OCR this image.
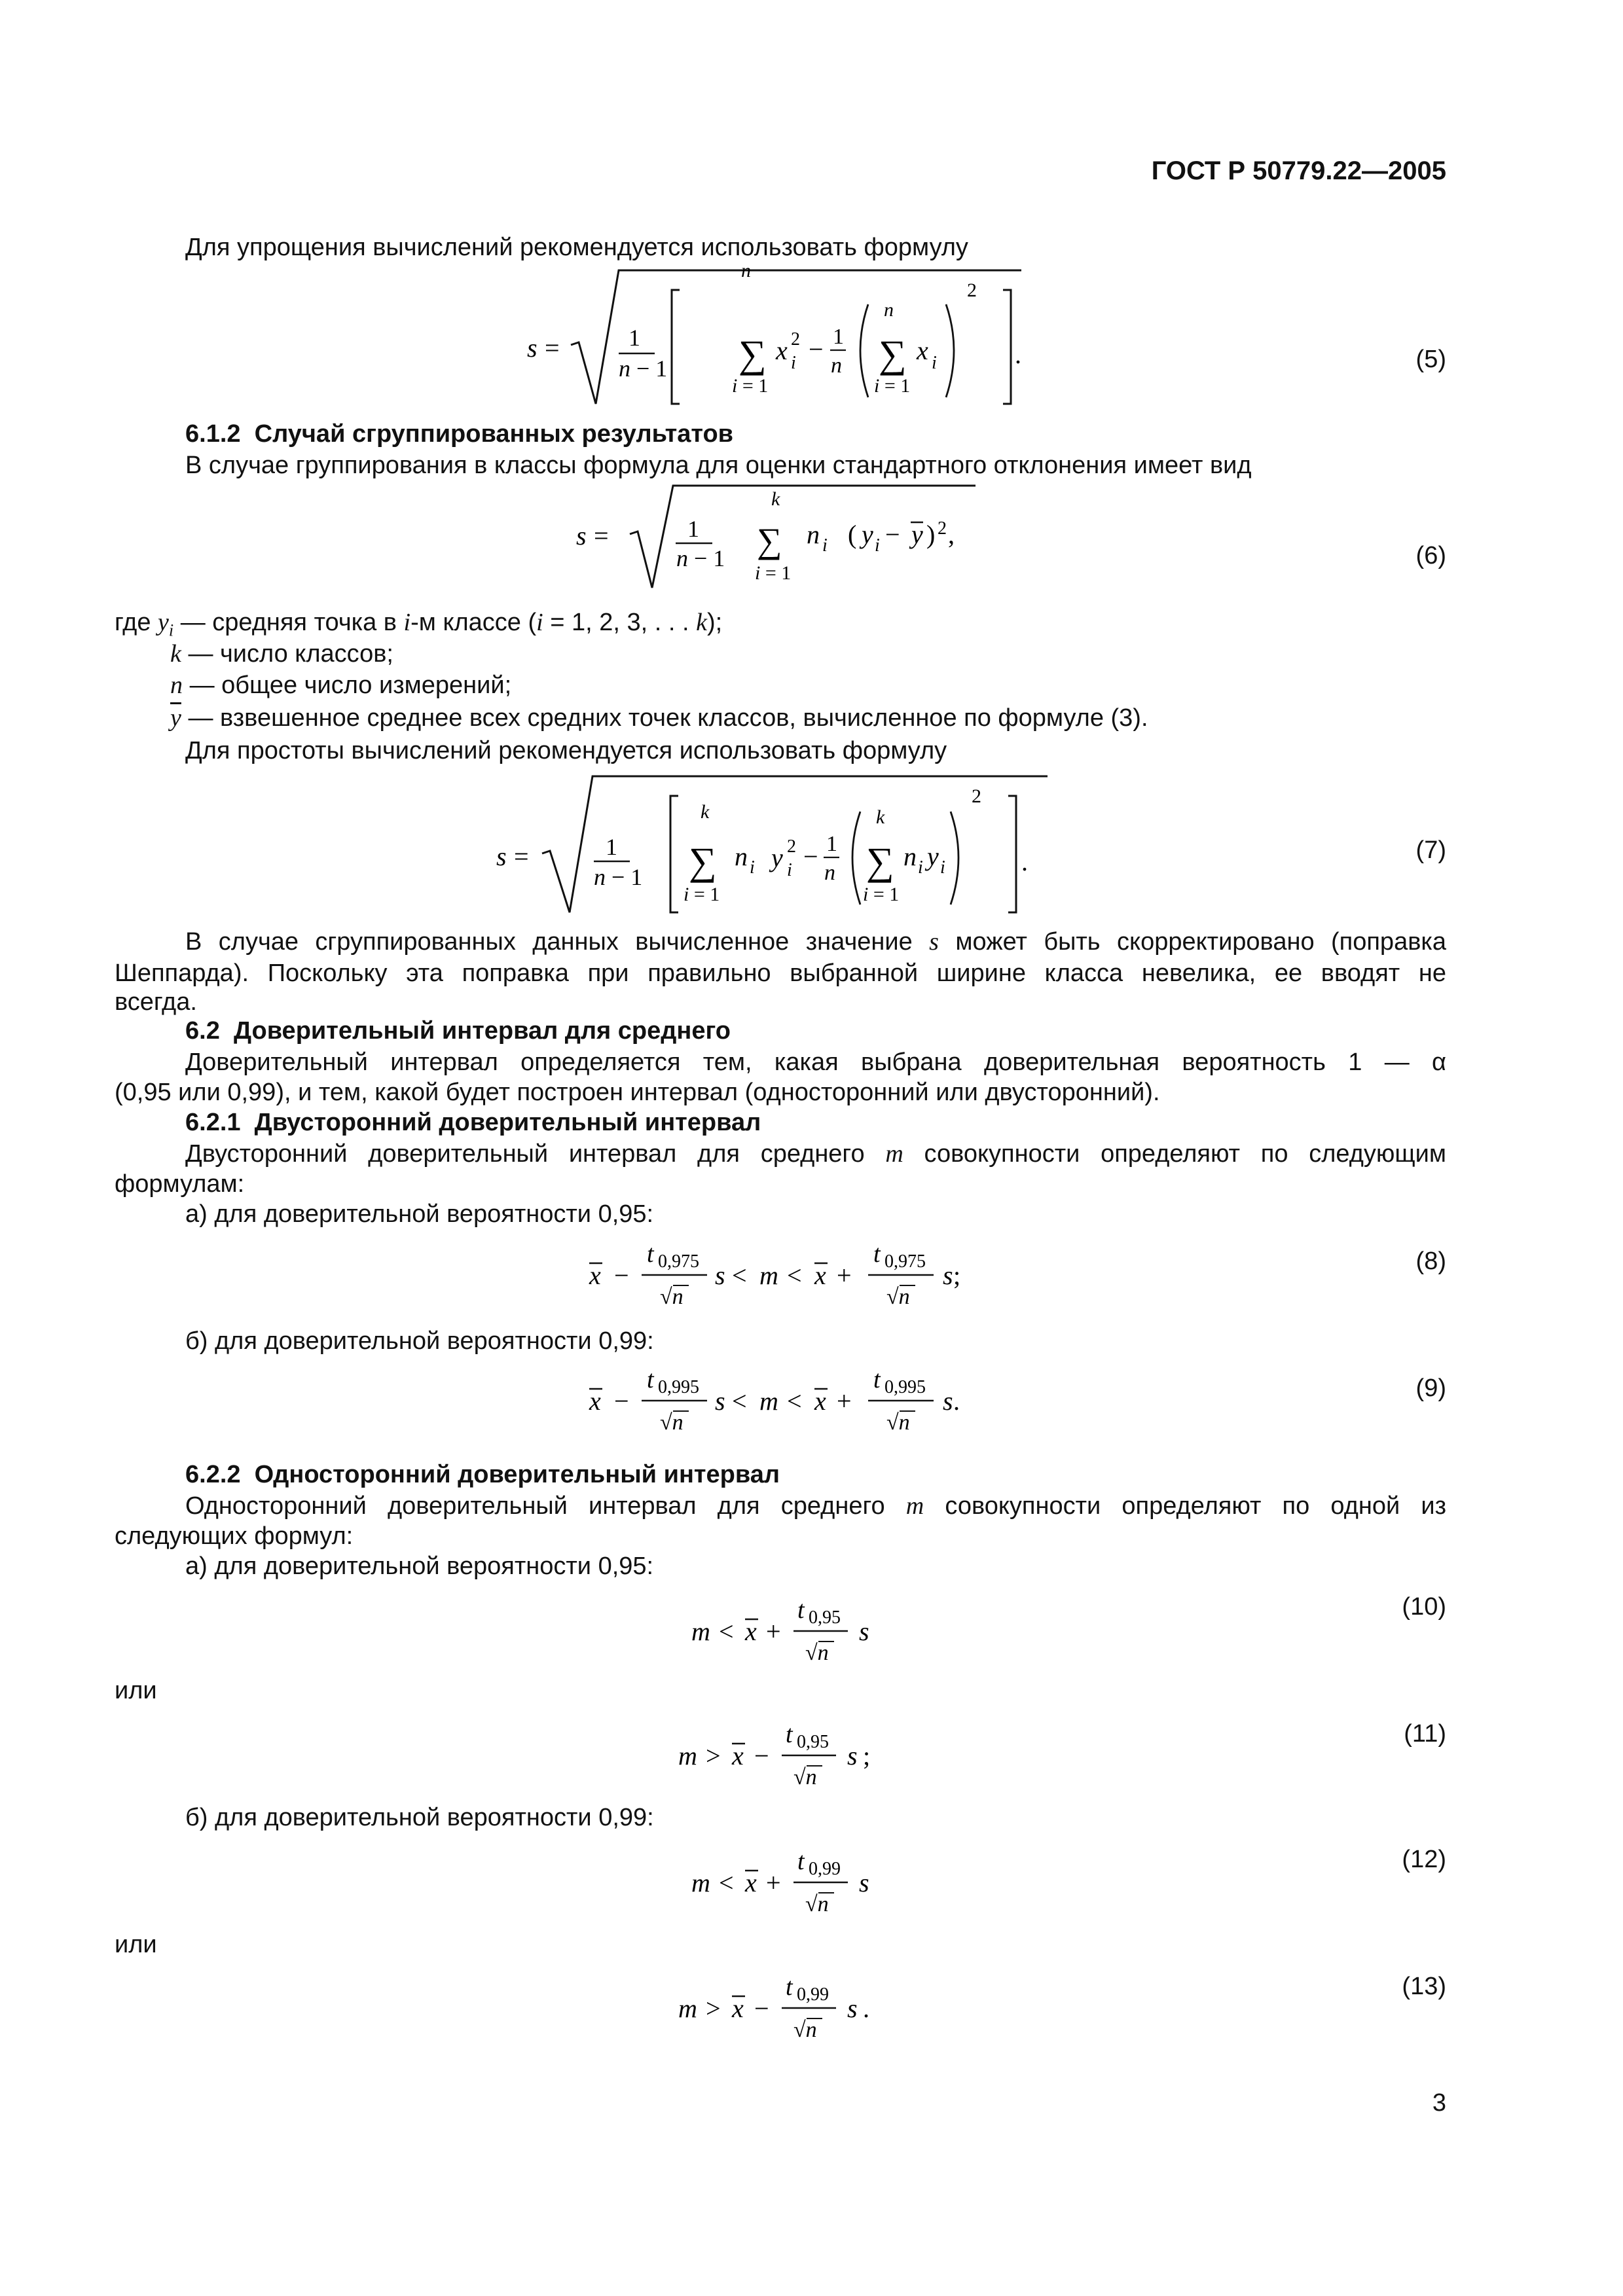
ГОСТ Р 50779.22—2005
Для упрощения вычислений рекомендуется использовать формулу
s =	1
n − 1
n
∑
i = 1
x 2
i − 1
n
n
∑
i = 1
x i
2
.	(5)
6.1.2 Случай сгруппированных результатов
В случае группирования в классы формула для оценки стандартного отклонения имеет вид
s =	1
n − 1
k
∑
i = 1
n i ( y i − y ) 2 ,
(6)
где $y_i$ — средняя точка в i-м классе (i = 1, 2, 3, . . . k);
k — число классов;
n — общее число измерений;
$\overline{y}$ — взвешенное среднее всех средних точек классов, вычисленное по формуле (3).
Для простоты вычислений рекомендуется использовать формулу
s =	1
n − 1
k
∑
i = 1
n i y 2
i − 1
n
k
∑
i = 1
n i y i
2
.	(7)
В случае сгруппированных данных вычисленное значение s может быть скорректировано (поправка
Шеппарда). Поскольку эта поправка при правильно выбранной ширине класса невелика, ее вводят не
всегда.
6.2 Доверительный интервал для среднего
Доверительный интервал определяется тем, какая выбрана доверительная вероятность 1 — α
(0,95 или 0,99), и тем, какой будет построен интервал (односторонний или двусторонний).
6.2.1 Двусторонний доверительный интервал
Двусторонний доверительный интервал для среднего m совокупности определяют по следующим
формулам:
а) для доверительной вероятности 0,95:
x −
t 0,975
√n
s < m < x +
t 0,975
√n
s ;	(8)
б) для доверительной вероятности 0,99:
x −
t 0,995
√n
s < m < x +
t 0,995
√n
s .	(9)
6.2.2 Односторонний доверительный интервал
Односторонний доверительный интервал для среднего m совокупности определяют по одной из
следующих формул:
а) для доверительной вероятности 0,95:
m < x +
t 0,95
√n
s
(10)
или
m > x −
t 0,95
√n
s ;
(11)
б) для доверительной вероятности 0,99:
m < x +
t 0,99
√n
s
(12)
или
m > x −
t 0,99
√n
s .
(13)
3
